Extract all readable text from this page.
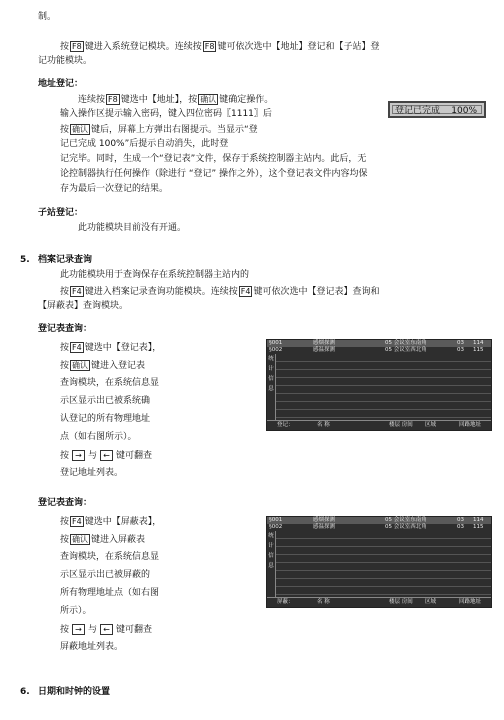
制。
按 F8 键进入系统登记模块。连续按 F8 键可依次选中【地址】登记和【子站】登
记功能模块。
地址登记：
连续按 F8 键选中【地址】，按 确认 键确定操作。
输入操作区提示输入密码，键入四位密码〖1111〗后
按 确认 键后，屏幕上方弹出右图提示。当显示“登
记已完成 100%”后提示自动消失，此时登
记完毕。同时，生成一个“登记表”文件，保存于系统控制器主站内。此后，无
论控制器执行任何操作（除进行 “登记” 操作之外），这个登记表文件内容均保
存为最后一次登记的结果。
登记已完成 100%
子站登记：
此功能模块目前没有开通。
5. 档案记录查询
此功能模块用于查询保存在系统控制器主站内的
按 F4 键进入档案记录查询功能模块。连续按 F4 键可依次选中【登记表】查询和
【屏蔽表】查询模块。
登记表查询：
按 F4 键选中【登记表】，
按 确认 键进入登记表
查询模块，在系统信息显
示区显示出已被系统确
认登记的所有物理地址
点（如右图所示）。
按 → 与 ← 键可翻查
登记地址列表。
§001	感烟探测	05 会议室东南角	03 114
§002	感温探测	05 会议室西北角	03 115
统
计
信
息
登记：	名 称	楼层 房间 区域	回路地址
登记表查询：
按 F4 键选中【屏蔽表】，
按 确认 键进入屏蔽表
查询模块，在系统信息显
示区显示出已被屏蔽的
所有物理地址点（如右图
所示）。
按 → 与 ← 键可翻查
屏蔽地址列表。
§001	感烟探测	05 会议室东南角	03 114
§002	感温探测	05 会议室西北角	03 115
统
计
信
息
屏蔽：	名 称	楼层 房间 区域	回路地址
6. 日期和时钟的设置
